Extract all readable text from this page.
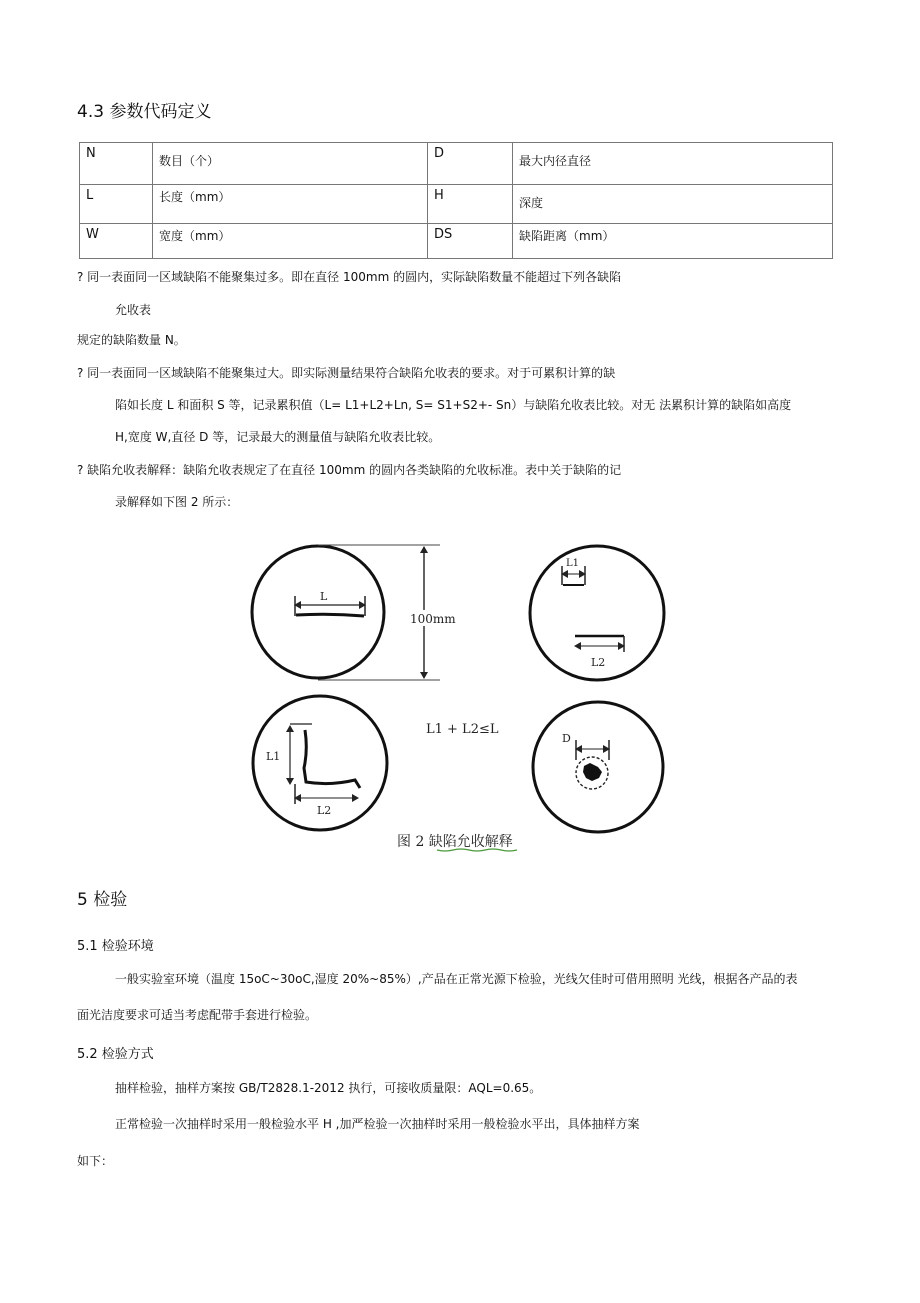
4.3 参数代码定义
N	数目（个）	D	最大内径直径
L	长度（mm）	H	深度
W	宽度（mm）	DS	缺陷距离（mm）
? 同一表面同一区域缺陷不能聚集过多。即在直径 100mm 的圆内，实际缺陷数量不能超过下列各缺陷
允收表
规定的缺陷数量 N。
? 同一表面同一区域缺陷不能聚集过大。即实际测量结果符合缺陷允收表的要求。对于可累积计算的缺
陷如长度 L 和面积 S 等，记录累积值（L= L1+L2+Ln, S= S1+S2+- Sn）与缺陷允收表比较。对无 法累积计算的缺陷如高度
H,宽度 W,直径 D 等，记录最大的测量值与缺陷允收表比较。
? 缺陷允收表解释：缺陷允收表规定了在直径 100mm 的圆内各类缺陷的允收标准。表中关于缺陷的记
录解释如下图 2 所示：
L
100mm
L1
L2
L1 + L2≤L
L1
L2
D
图 2 缺陷允收解释
5 检验
5.1 检验环境
一般实验室环境（温度 15oC~30oC,湿度 20%~85%）,产品在正常光源下检验，光线欠佳时可借用照明 光线，根据各产品的表
面光洁度要求可适当考虑配带手套进行检验。
5.2 检验方式
抽样检验，抽样方案按 GB/T2828.1-2012 执行，可接收质量限：AQL=0.65。
正常检验一次抽样时采用一般检验水平 H ,加严检验一次抽样时采用一般检验水平出，具体抽样方案
如下：
